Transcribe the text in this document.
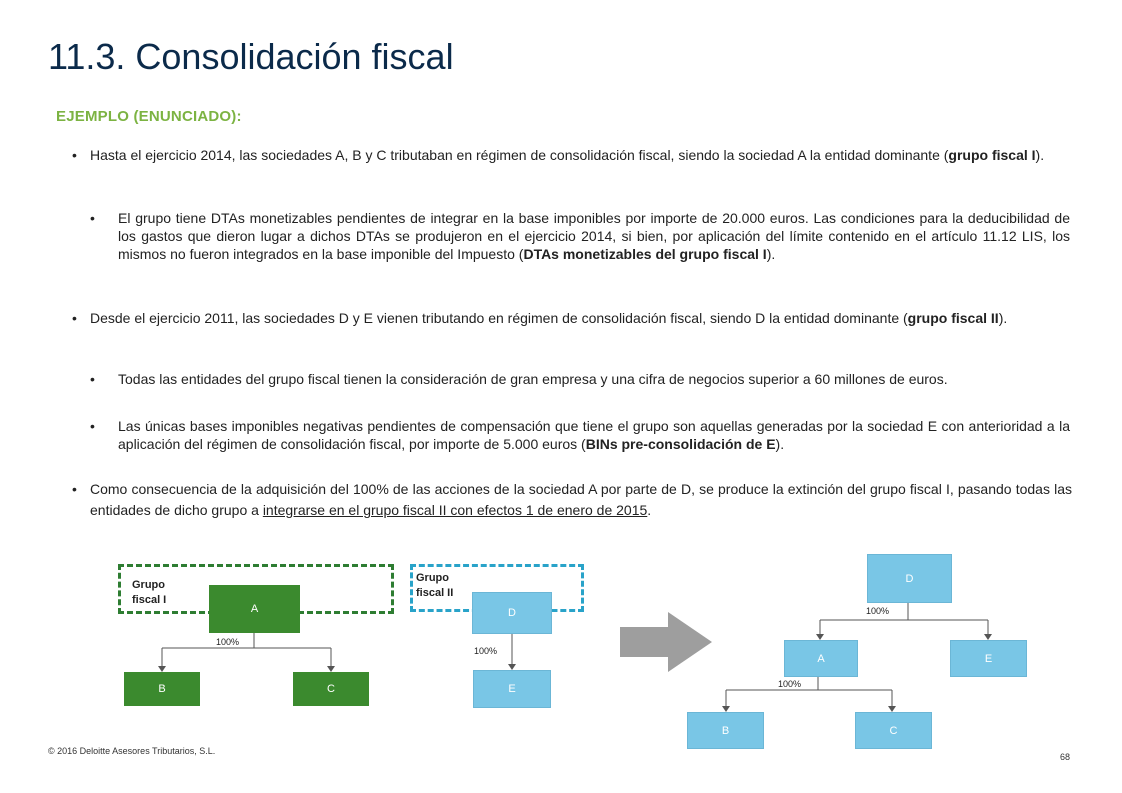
11.3. Consolidación fiscal
EJEMPLO (ENUNCIADO):
• Hasta el ejercicio 2014, las sociedades A, B y C tributaban en régimen de consolidación fiscal, siendo la sociedad A la entidad dominante (grupo fiscal I).
• El grupo tiene DTAs monetizables pendientes de integrar en la base imponibles por importe de 20.000 euros. Las condiciones para la deducibilidad de los gastos que dieron lugar a dichos DTAs se produjeron en el ejercicio 2014, si bien, por aplicación del límite contenido en el artículo 11.12 LIS, los mismos no fueron integrados en la base imponible del Impuesto (DTAs monetizables del grupo fiscal I).
• Desde el ejercicio 2011, las sociedades D y E vienen tributando en régimen de consolidación fiscal, siendo D la entidad dominante (grupo fiscal II).
• Todas las entidades del grupo fiscal tienen la consideración de gran empresa y una cifra de negocios superior a 60 millones de euros.
• Las únicas bases imponibles negativas pendientes de compensación que tiene el grupo son aquellas generadas por la sociedad E con anterioridad a la aplicación del régimen de consolidación fiscal, por importe de 5.000 euros (BINs pre-consolidación de E).
• Como consecuencia de la adquisición del 100% de las acciones de la sociedad A por parte de D, se produce la extinción del grupo fiscal I, pasando todas las entidades de dicho grupo a integrarse en el grupo fiscal II con efectos 1 de enero de 2015.
Grupo
fiscal I
A
100%
B	C
Grupo
fiscal II
D
100%
E
D
100%
A	E
100%
B	C
© 2016 Deloitte Asesores Tributarios, S.L.
68
